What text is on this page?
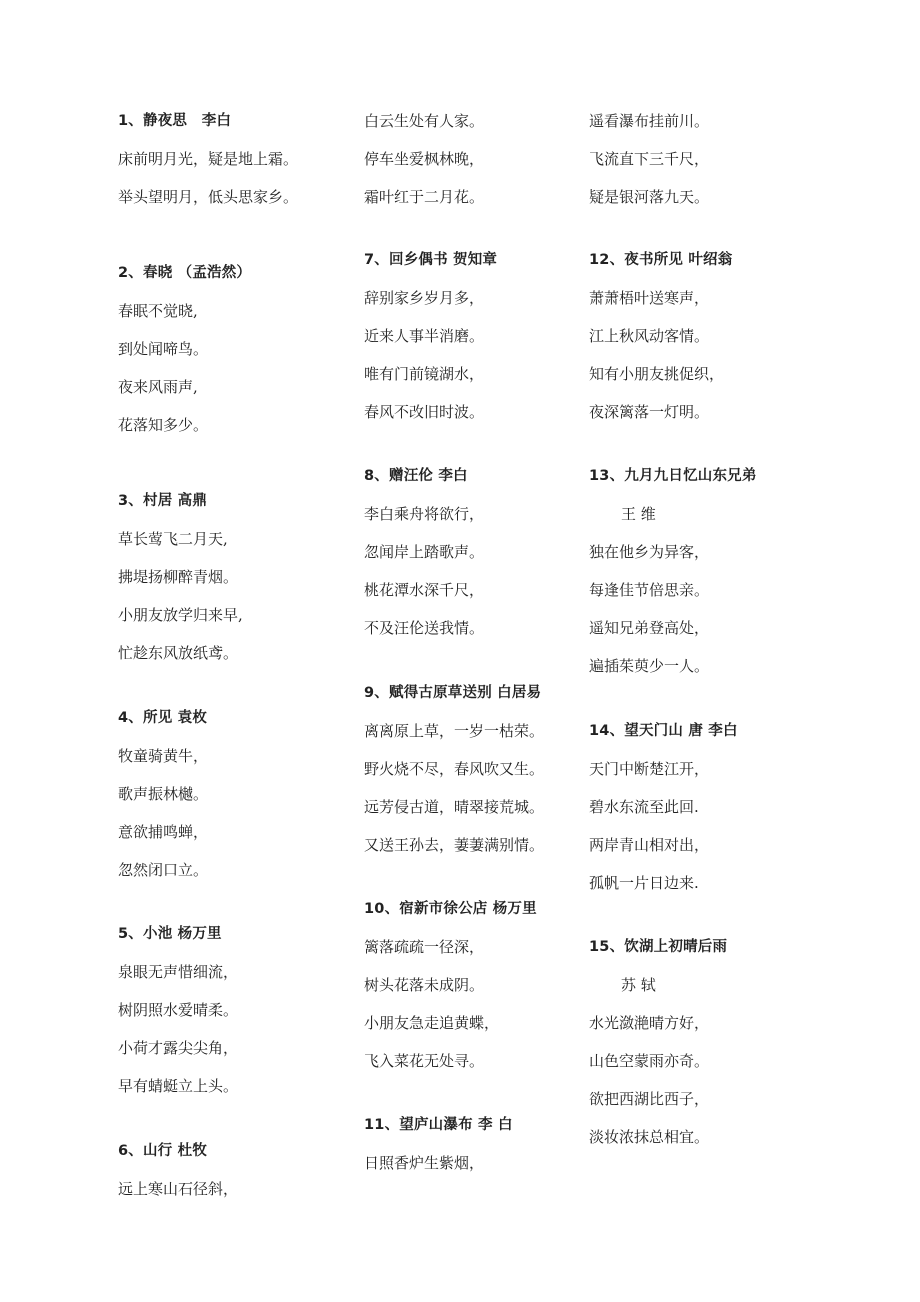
1、静夜思　李白
床前明月光，疑是地上霜。
举头望明月，低头思家乡。
2、春晓 （孟浩然）
春眠不觉晓,
到处闻啼鸟。
夜来风雨声,
花落知多少。
3、村居 高鼎
草长莺飞二月天,
拂堤扬柳醉青烟。
小朋友放学归来早,
忙趁东风放纸鸢。
4、所见 袁枚
牧童骑黄牛，
歌声振林樾。
意欲捕鸣蝉，
忽然闭口立。
5、小池 杨万里
泉眼无声惜细流，
树阴照水爱晴柔。
小荷才露尖尖角，
早有蜻蜓立上头。
6、山行 杜牧
远上寒山石径斜，
白云生处有人家。
停车坐爱枫林晚，
霜叶红于二月花。
7、回乡偶书 贺知章
辞别家乡岁月多，
近来人事半消磨。
唯有门前镜湖水，
春风不改旧时波。
8、赠汪伦 李白
李白乘舟将欲行，
忽闻岸上踏歌声。
桃花潭水深千尺，
不及汪伦送我情。
9、赋得古原草送别 白居易
离离原上草，一岁一枯荣。
野火烧不尽，春风吹又生。
远芳侵古道，晴翠接荒城。
又送王孙去，萋萋满别情。
10、宿新市徐公店 杨万里
篱落疏疏一径深，
树头花落未成阴。
小朋友急走追黄蝶，
飞入菜花无处寻。
11、望庐山瀑布 李 白
日照香炉生紫烟，
遥看瀑布挂前川。
飞流直下三千尺，
疑是银河落九天。
12、夜书所见 叶绍翁
萧萧梧叶送寒声，
江上秋风动客情。
知有小朋友挑促织，
夜深篱落一灯明。
13、九月九日忆山东兄弟
王 维
独在他乡为异客，
每逢佳节倍思亲。
遥知兄弟登高处，
遍插茱萸少一人。
14、望天门山 唐 李白
天门中断楚江开，
碧水东流至此回.
两岸青山相对出，
孤帆一片日边来.
15、饮湖上初晴后雨
苏 轼
水光潋滟晴方好，
山色空蒙雨亦奇。
欲把西湖比西子，
淡妆浓抹总相宜。
